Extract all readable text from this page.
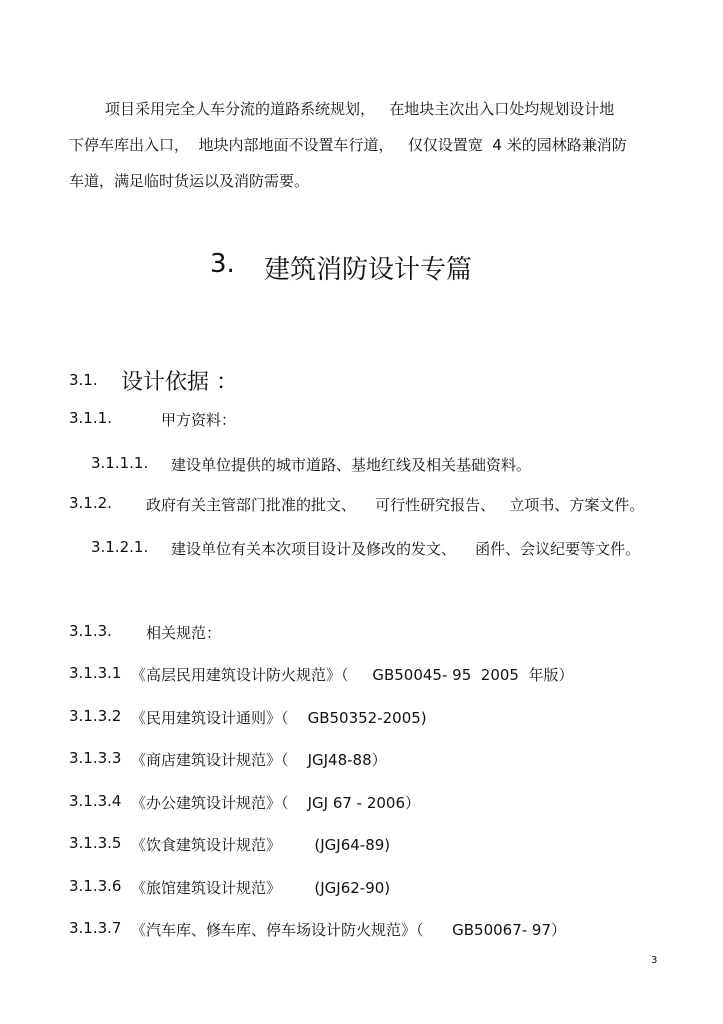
项目采用完全人车分流的道路系统规划，   在地块主次出入口处均规划设计地
下停车库出入口，  地块内部地面不设置车行道，   仅仅设置宽  4 米的园林路兼消防
车道，满足临时货运以及消防需要。
3. 建筑消防设计专篇
3.1. 设计依据 ：
3.1.1.	甲方资料：
3.1.1.1. 建设单位提供的城市道路、基地红线及相关基础资料。
3.1.2. 政府有关主管部门批准的批文、    可行性研究报告、   立项书、方案文件。
3.1.2.1. 建设单位有关本次项目设计及修改的发文、    函件、会议纪要等文件。
3.1.3. 相关规范：
3.1.3.1 《高层民用建筑设计防火规范》（     GB50045- 95  2005  年版）
3.1.3.2 《民用建筑设计通则》（    GB50352-2005)
3.1.3.3 《商店建筑设计规范》（    JGJ48-88）
3.1.3.4 《办公建筑设计规范》（    JGJ 67 - 2006）
3.1.3.5 《饮食建筑设计规范》       (JGJ64-89)
3.1.3.6 《旅馆建筑设计规范》       (JGJ62-90)
3.1.3.7 《汽车库、修车库、停车场设计防火规范》（      GB50067- 97）
3
